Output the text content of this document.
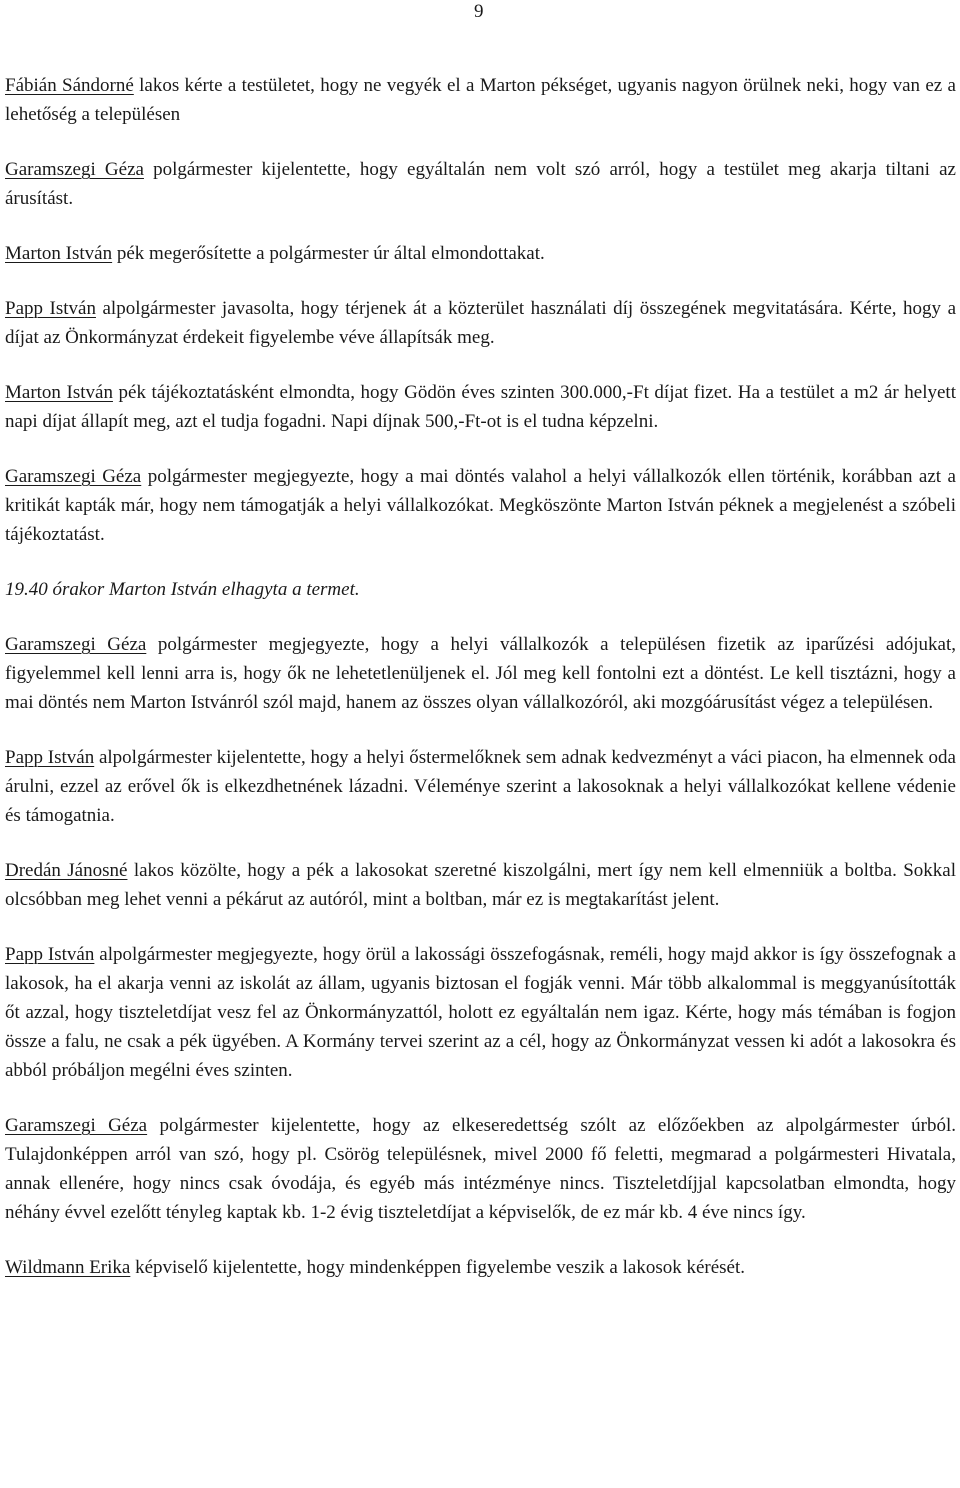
9

Fábián Sándorné lakos kérte a testületet, hogy ne vegyék el a Marton pékséget, ugyanis nagyon örülnek neki, hogy van ez a lehetőség a településen

Garamszegi Géza polgármester kijelentette, hogy egyáltalán nem volt szó arról, hogy a testület meg akarja tiltani az árusítást.

Marton István pék megerősítette a polgármester úr által elmondottakat.

Papp István alpolgármester javasolta, hogy térjenek át a közterület használati díj összegének megvitatására. Kérte, hogy a díjat az Önkormányzat érdekeit figyelembe véve állapítsák meg.

Marton István pék tájékoztatásként elmondta, hogy Gödön éves szinten 300.000,-Ft díjat fizet. Ha a testület a m2 ár helyett napi díjat állapít meg, azt el tudja fogadni. Napi díjnak 500,-Ft-ot is el tudna képzelni.

Garamszegi Géza polgármester megjegyezte, hogy a mai döntés valahol a helyi vállalkozók ellen történik, korábban azt a kritikát kapták már, hogy nem támogatják a helyi vállalkozókat. Megköszönte Marton István péknek a megjelenést a szóbeli tájékoztatást.

19.40 órakor Marton István elhagyta a termet.

Garamszegi Géza polgármester megjegyezte, hogy a helyi vállalkozók a településen fizetik az iparűzési adójukat, figyelemmel kell lenni arra is, hogy ők ne lehetetlenüljenek el. Jól meg kell fontolni ezt a döntést. Le kell tisztázni, hogy a mai döntés nem Marton Istvánról szól majd, hanem az összes olyan vállalkozóról, aki mozgóárusítást végez a településen.

Papp István alpolgármester kijelentette, hogy a helyi őstermelőknek sem adnak kedvezményt a váci piacon, ha elmennek oda árulni, ezzel az erővel ők is elkezdhetnének lázadni. Véleménye szerint a lakosoknak a helyi vállalkozókat kellene védenie és támogatnia.

Dredán Jánosné lakos közölte, hogy a pék a lakosokat szeretné kiszolgálni, mert így nem kell elmenniük a boltba. Sokkal olcsóbban meg lehet venni a pékárut az autóról, mint a boltban, már ez is megtakarítást jelent.

Papp István alpolgármester megjegyezte, hogy örül a lakossági összefogásnak, reméli, hogy majd akkor is így összefognak a lakosok, ha el akarja venni az iskolát az állam, ugyanis biztosan el fogják venni. Már több alkalommal is meggyanúsították őt azzal, hogy tiszteletdíjat vesz fel az Önkormányzattól, holott ez egyáltalán nem igaz. Kérte, hogy más témában is fogjon össze a falu, ne csak a pék ügyében. A Kormány tervei szerint az a cél, hogy az Önkormányzat vessen ki adót a lakosokra és abból próbáljon megélni éves szinten.

Garamszegi Géza polgármester kijelentette, hogy az elkeseredettség szólt az előzőekben az alpolgármester úrból. Tulajdonképpen arról van szó, hogy pl. Csörög településnek, mivel 2000 fő feletti, megmarad a polgármesteri Hivatala, annak ellenére, hogy nincs csak óvodája, és egyéb más intézménye nincs. Tiszteletdíjjal kapcsolatban elmondta, hogy néhány évvel ezelőtt tényleg kaptak kb. 1-2 évig tiszteletdíjat a képviselők, de ez már kb. 4 éve nincs így.

Wildmann Erika képviselő kijelentette, hogy mindenképpen figyelembe veszik a lakosok kérését.
